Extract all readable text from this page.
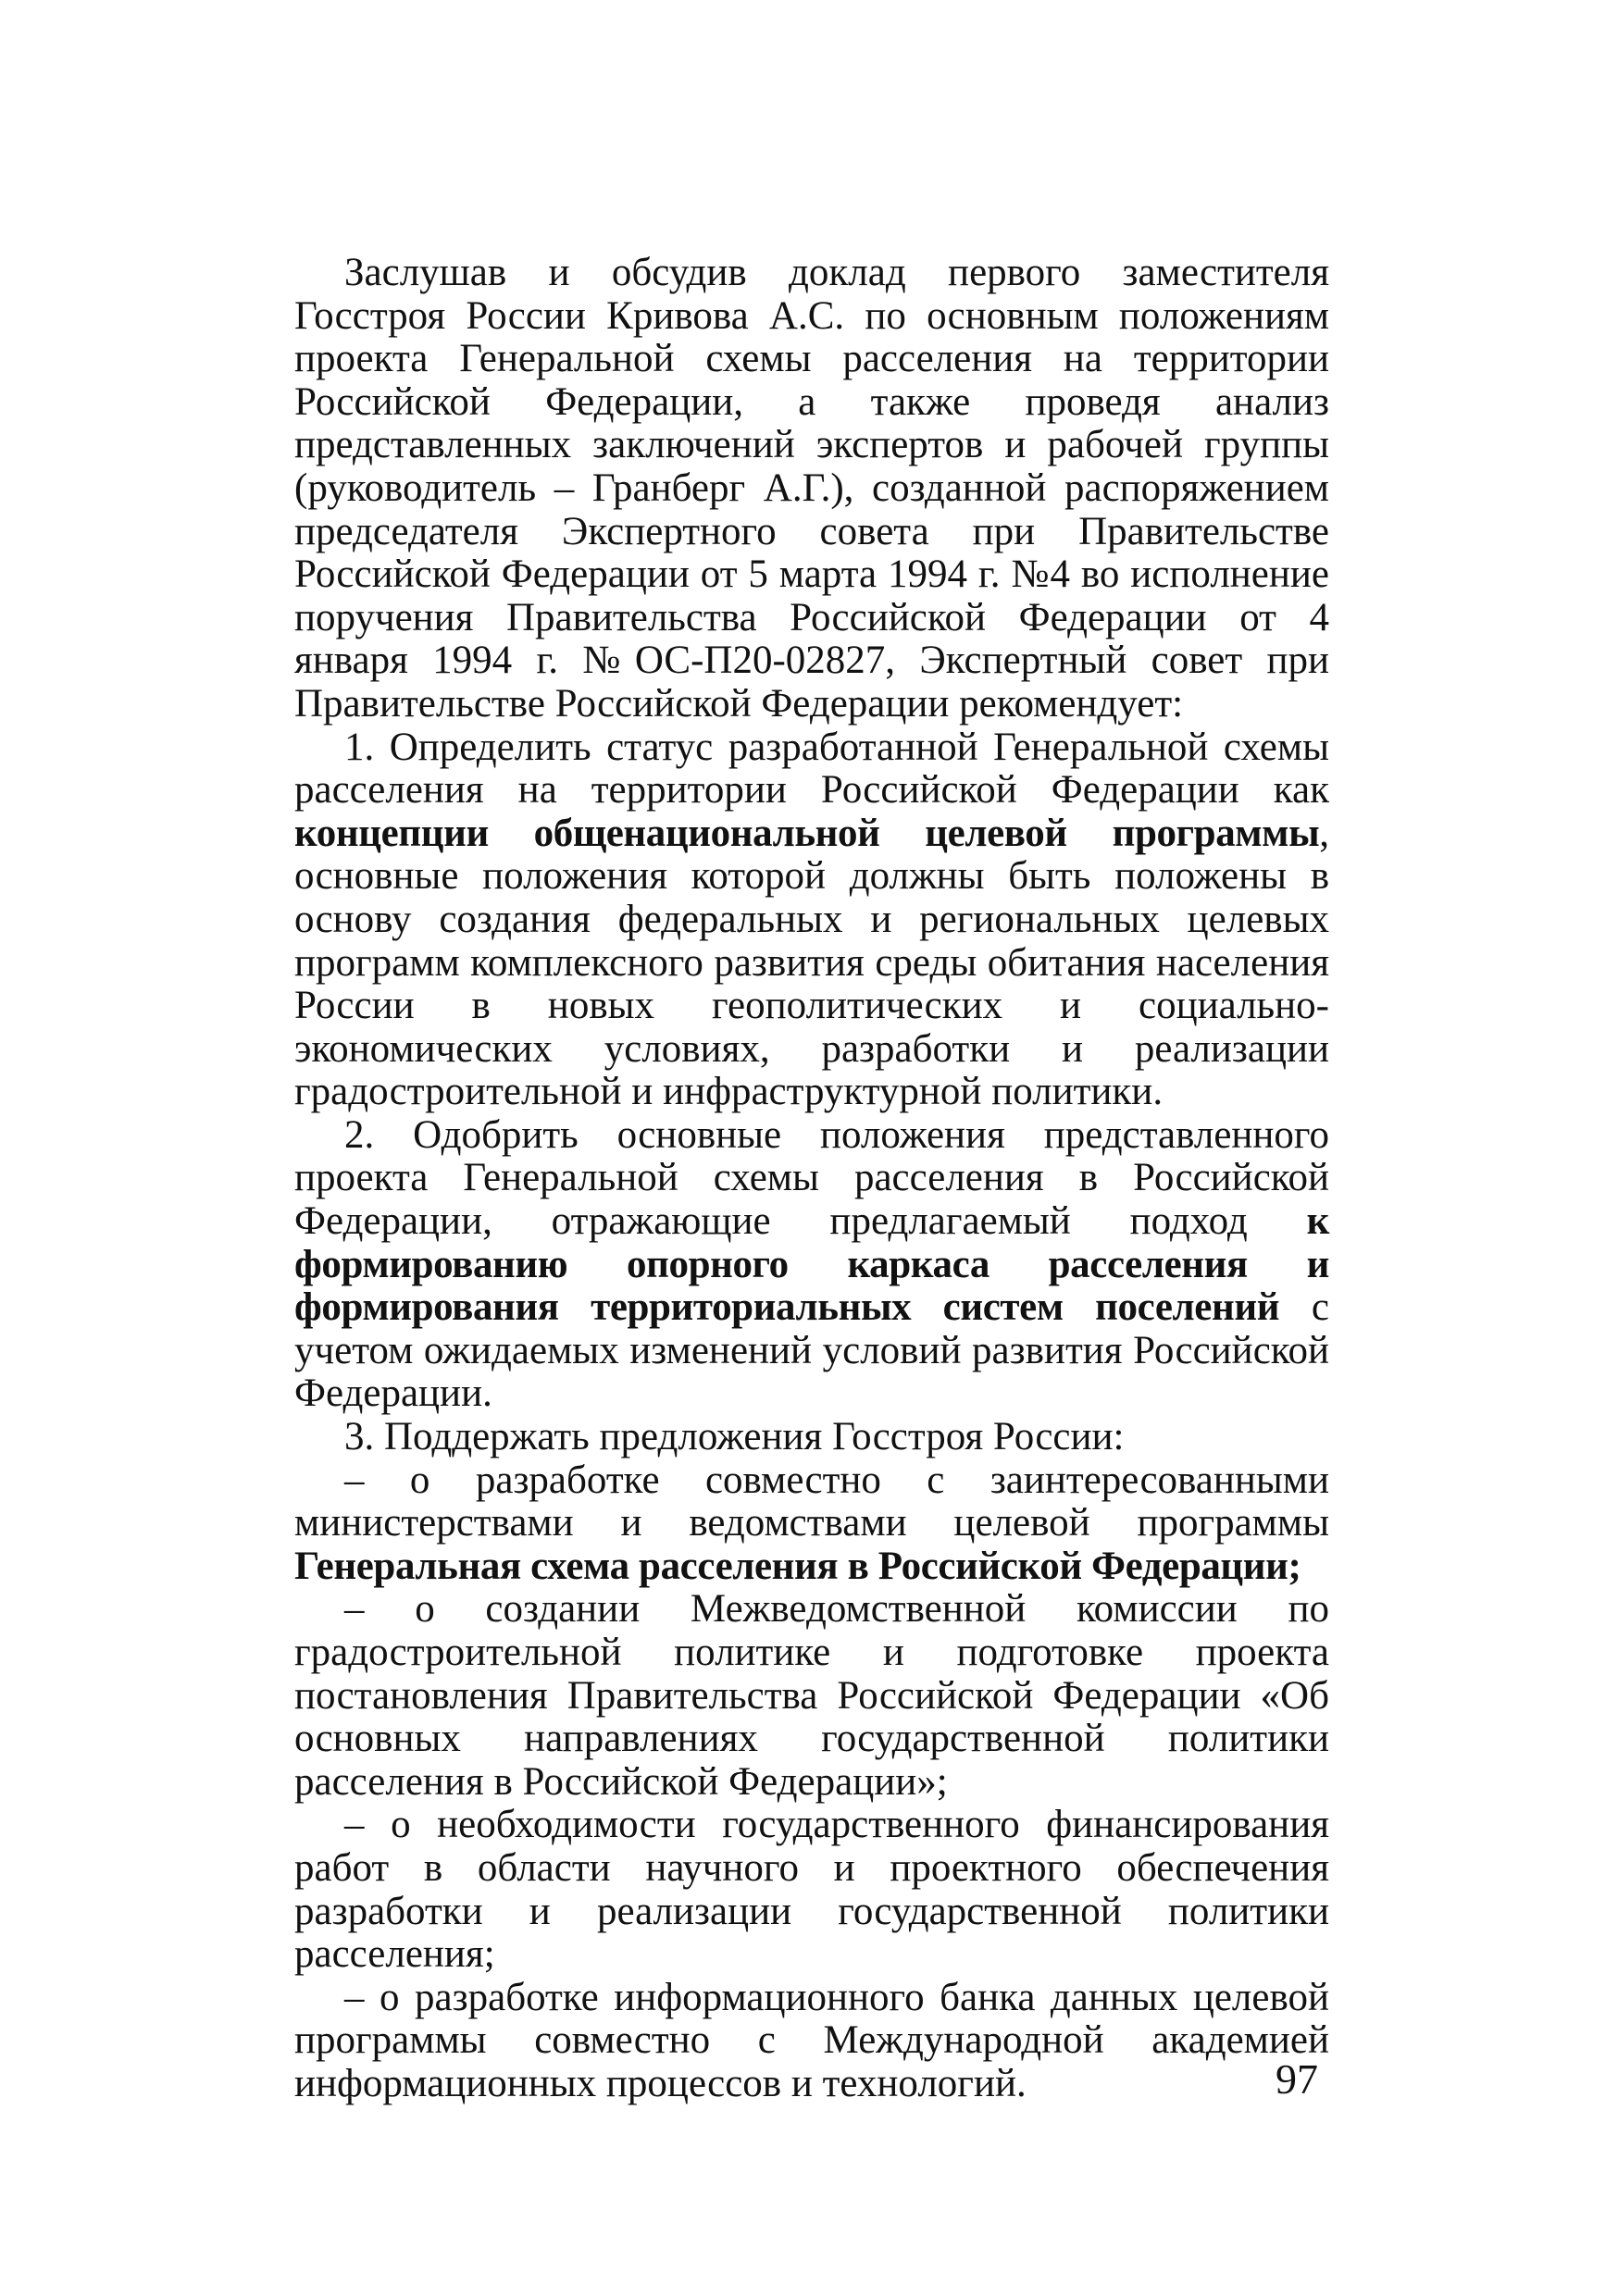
Заслушав и обсудив доклад первого заместителя Госстроя России Кривова А.С. по основным положениям проекта Генеральной схемы расселения на территории Российской Федерации, а также проведя анализ представленных заключений экспертов и рабочей группы (руководитель – Гранберг А.Г.), созданной распоряжением председателя Экспертного совета при Правительстве Российской Федерации от 5 марта 1994 г. №4 во исполнение поручения Правительства Российской Федерации от 4 января 1994 г. №ОС-П20-02827, Экспертный совет при Правительстве Российской Федерации рекомендует:

1. Определить статус разработанной Генеральной схемы расселения на территории Российской Федерации как концепции общенациональной целевой программы, основные положения которой должны быть положены в основу создания федеральных и региональных целевых программ комплексного развития среды обитания населения России в новых геополитических и социально-экономических условиях, разработки и реализации градостроительной и инфраструктурной политики.

2. Одобрить основные положения представленного проекта Генеральной схемы расселения в Российской Федерации, отражающие предлагаемый подход к формированию опорного каркаса расселения и формирования территориальных систем поселений с учетом ожидаемых изменений условий развития Российской Федерации.

3. Поддержать предложения Госстроя России:

– о разработке совместно с заинтересованными министерствами и ведомствами целевой программы Генеральная схема расселения в Российской Федерации;

– о создании Межведомственной комиссии по градостроительной политике и подготовке проекта постановления Правительства Российской Федерации «Об основных направлениях государственной политики расселения в Российской Федерации»;

– о необходимости государственного финансирования работ в области научного и проектного обеспечения разработки и реализации государственной политики расселения;

– о разработке информационного банка данных целевой программы совместно с Международной академией информационных процессов и технологий.	97
